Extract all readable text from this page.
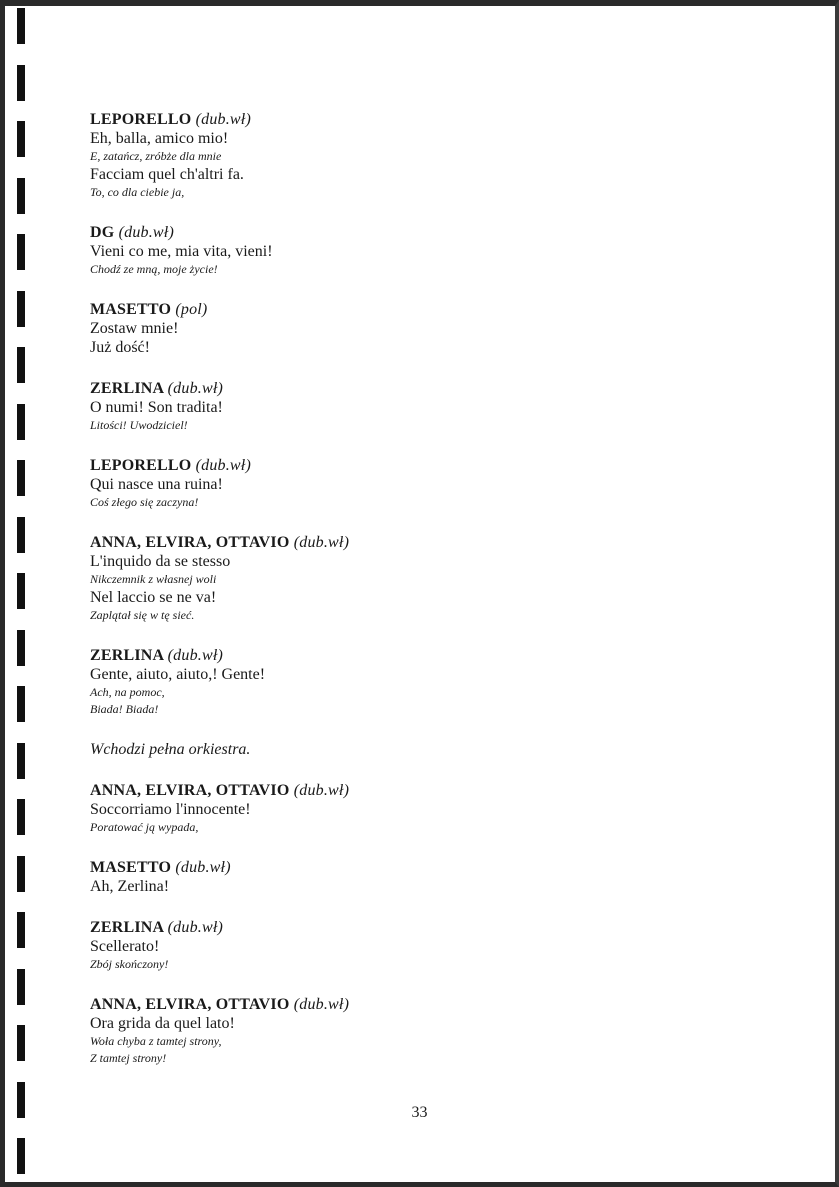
LEPORELLO (dub.wł)
Eh, balla, amico mio!
E, zatańcz, zróbże dla mnie
Facciam quel ch'altri fa.
To, co dla ciebie ja,
DG (dub.wł)
Vieni co me, mia vita, vieni!
Chodź ze mną, moje życie!
MASETTO (pol)
Zostaw mnie!
Już dość!
ZERLINA (dub.wł)
O numi! Son tradita!
Litości! Uwodziciel!
LEPORELLO (dub.wł)
Qui nasce una ruina!
Coś złego się zaczyna!
ANNA, ELVIRA, OTTAVIO (dub.wł)
L'inquido da se stesso
Nikczemnik z własnej woli
Nel laccio se ne va!
Zaplątał się w tę sieć.
ZERLINA (dub.wł)
Gente, aiuto, aiuto,! Gente!
Ach, na pomoc,
Biada! Biada!
Wchodzi pełna orkiestra.
ANNA, ELVIRA, OTTAVIO (dub.wł)
Soccorriamo l'innocente!
Poratować ją wypada,
MASETTO (dub.wł)
Ah, Zerlina!
ZERLINA (dub.wł)
Scellerato!
Zbój skończony!
ANNA, ELVIRA, OTTAVIO (dub.wł)
Ora grida da quel lato!
Woła chyba z tamtej strony,
Z tamtej strony!
33
